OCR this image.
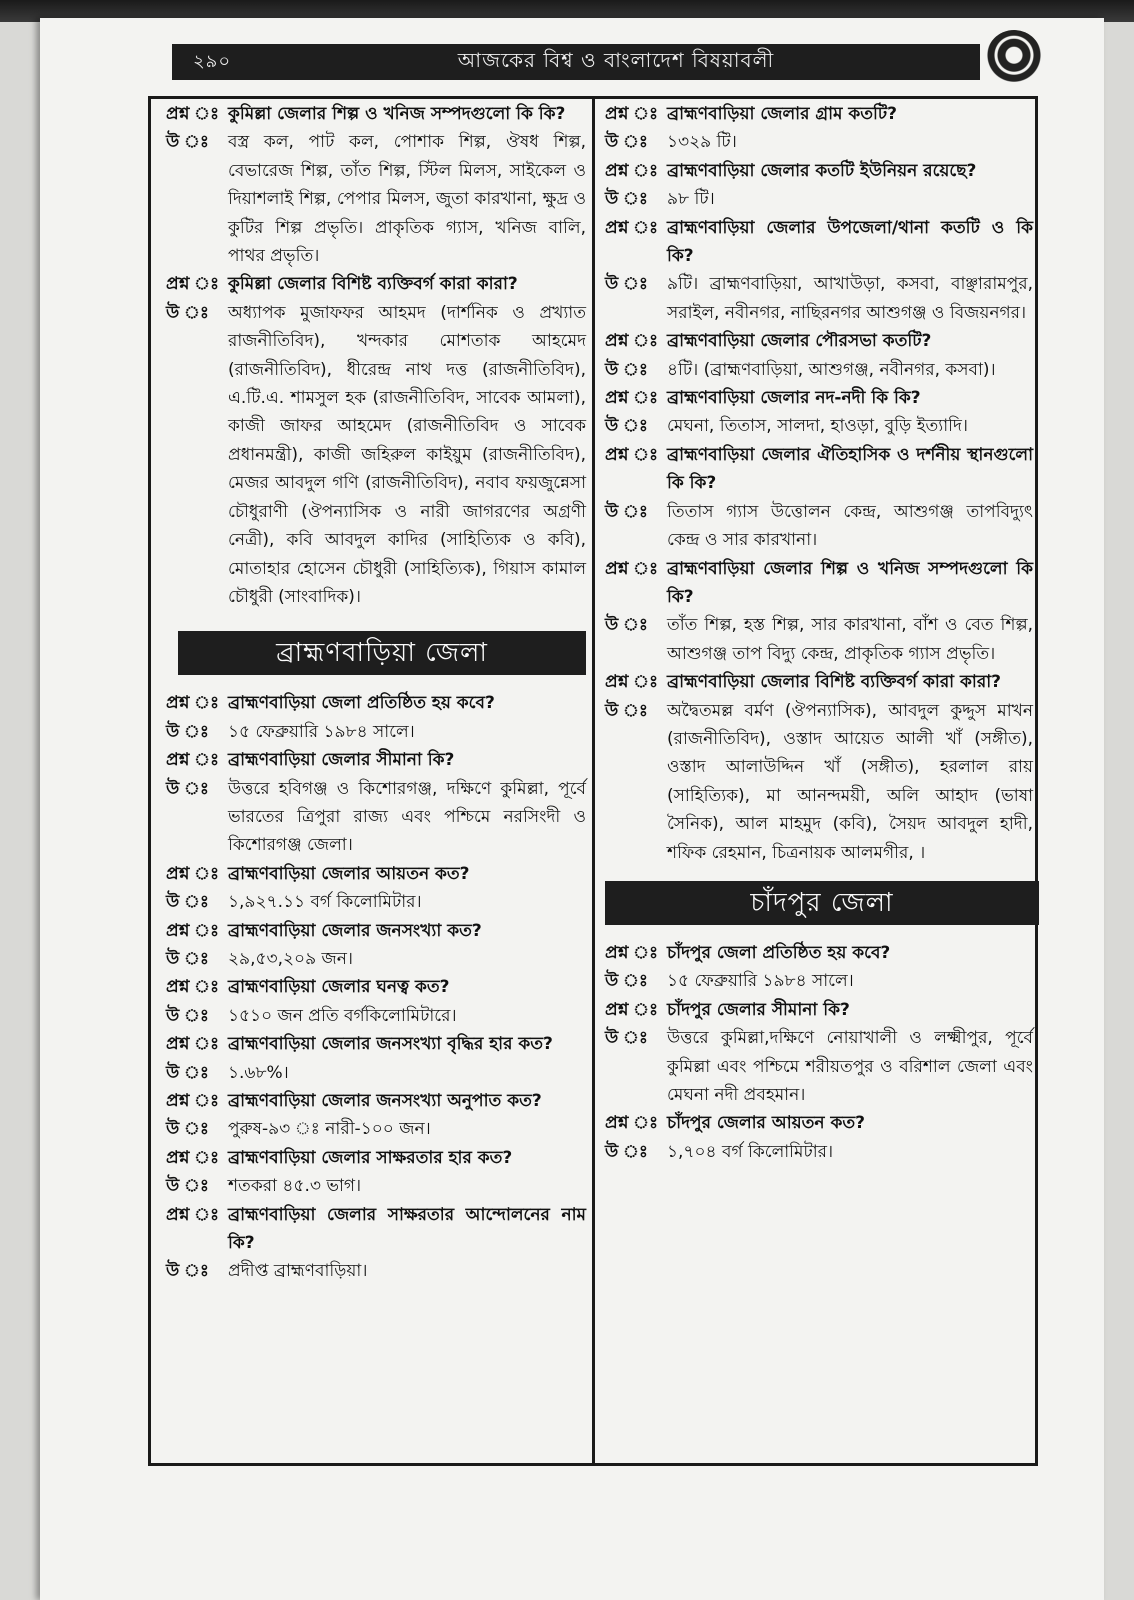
২৯০	আজকের বিশ্ব ও বাংলাদেশ বিষয়াবলী
প্রশ্ন ঃ কুমিল্লা জেলার শিল্প ও খনিজ সম্পদগুলো কি কি?
উ ঃ	বস্ত্র কল, পাট কল, পোশাক শিল্প, ঔষধ শিল্প, বেভারেজ শিল্প, তাঁত শিল্প, স্টিল মিলস, সাইকেল ও দিয়াশলাই শিল্প, পেপার মিলস, জুতা কারখানা, ক্ষুদ্র ও কুটির শিল্প প্রভৃতি। প্রাকৃতিক গ্যাস, খনিজ বালি, পাথর প্রভৃতি।
প্রশ্ন ঃ কুমিল্লা জেলার বিশিষ্ট ব্যক্তিবর্গ কারা কারা?
উ ঃ	অধ্যাপক মুজাফফর আহমদ (দার্শনিক ও প্রখ্যাত রাজনীতিবিদ), খন্দকার মোশতাক আহমেদ (রাজনীতিবিদ), ধীরেন্দ্র নাথ দত্ত (রাজনীতিবিদ), এ.টি.এ. শামসুল হক (রাজনীতিবিদ, সাবেক আমলা), কাজী জাফর আহমেদ (রাজনীতিবিদ ও সাবেক প্রধানমন্ত্রী), কাজী জহিরুল কাইয়ুম (রাজনীতিবিদ), মেজর আবদুল গণি (রাজনীতিবিদ), নবাব ফয়জুন্নেসা চৌধুরাণী (ঔপন্যাসিক ও নারী জাগরণের অগ্রণী নেত্রী), কবি আবদুল কাদির (সাহিত্যিক ও কবি), মোতাহার হোসেন চৌধুরী (সাহিত্যিক), গিয়াস কামাল চৌধুরী (সাংবাদিক)।
ব্রাহ্মণবাড়িয়া জেলা
প্রশ্ন ঃ ব্রাহ্মণবাড়িয়া জেলা প্রতিষ্ঠিত হয় কবে?
উ ঃ	১৫ ফেব্রুয়ারি ১৯৮৪ সালে।
প্রশ্ন ঃ ব্রাহ্মণবাড়িয়া জেলার সীমানা কি?
উ ঃ	উত্তরে হবিগঞ্জ ও কিশোরগঞ্জ, দক্ষিণে কুমিল্লা, পূর্বে ভারতের ত্রিপুরা রাজ্য এবং পশ্চিমে নরসিংদী ও কিশোরগঞ্জ জেলা।
প্রশ্ন ঃ ব্রাহ্মণবাড়িয়া জেলার আয়তন কত?
উ ঃ	১,৯২৭.১১ বর্গ কিলোমিটার।
প্রশ্ন ঃ ব্রাহ্মণবাড়িয়া জেলার জনসংখ্যা কত?
উ ঃ	২৯,৫৩,২০৯ জন।
প্রশ্ন ঃ ব্রাহ্মণবাড়িয়া জেলার ঘনত্ব কত?
উ ঃ	১৫১০ জন প্রতি বর্গকিলোমিটারে।
প্রশ্ন ঃ ব্রাহ্মণবাড়িয়া জেলার জনসংখ্যা বৃদ্ধির হার কত?
উ ঃ	১.৬৮%।
প্রশ্ন ঃ ব্রাহ্মণবাড়িয়া জেলার জনসংখ্যা অনুপাত কত?
উ ঃ	পুরুষ-৯৩ ঃ নারী-১০০ জন।
প্রশ্ন ঃ ব্রাহ্মণবাড়িয়া জেলার সাক্ষরতার হার কত?
উ ঃ	শতকরা ৪৫.৩ ভাগ।
প্রশ্ন ঃ ব্রাহ্মণবাড়িয়া জেলার সাক্ষরতার আন্দোলনের নাম কি?
উ ঃ	প্রদীপ্ত ব্রাহ্মণবাড়িয়া।
প্রশ্ন ঃ ব্রাহ্মণবাড়িয়া জেলার গ্রাম কতটি?
উ ঃ	১৩২৯ টি।
প্রশ্ন ঃ ব্রাহ্মণবাড়িয়া জেলার কতটি ইউনিয়ন রয়েছে?
উ ঃ	৯৮ টি।
প্রশ্ন ঃ ব্রাহ্মণবাড়িয়া জেলার উপজেলা/থানা কতটি ও কি কি?
উ ঃ	৯টি। ব্রাহ্মণবাড়িয়া, আখাউড়া, কসবা, বাঞ্ছারামপুর, সরাইল, নবীনগর, নাছিরনগর আশুগঞ্জ ও বিজয়নগর।
প্রশ্ন ঃ ব্রাহ্মণবাড়িয়া জেলার পৌরসভা কতটি?
উ ঃ	৪টি। (ব্রাহ্মণবাড়িয়া, আশুগঞ্জ, নবীনগর, কসবা)।
প্রশ্ন ঃ ব্রাহ্মণবাড়িয়া জেলার নদ-নদী কি কি?
উ ঃ	মেঘনা, তিতাস, সালদা, হাওড়া, বুড়ি ইত্যাদি।
প্রশ্ন ঃ ব্রাহ্মণবাড়িয়া জেলার ঐতিহাসিক ও দর্শনীয় স্থানগুলো কি কি?
উ ঃ	তিতাস গ্যাস উত্তোলন কেন্দ্র, আশুগঞ্জ তাপবিদ্যুৎ কেন্দ্র ও সার কারখানা।
প্রশ্ন ঃ ব্রাহ্মণবাড়িয়া জেলার শিল্প ও খনিজ সম্পদগুলো কি কি?
উ ঃ	তাঁত শিল্প, হস্ত শিল্প, সার কারখানা, বাঁশ ও বেত শিল্প, আশুগঞ্জ তাপ বিদ্যু কেন্দ্র, প্রাকৃতিক গ্যাস প্রভৃতি।
প্রশ্ন ঃ ব্রাহ্মণবাড়িয়া জেলার বিশিষ্ট ব্যক্তিবর্গ কারা কারা?
উ ঃ	অদ্বৈতমল্ল বর্মণ (ঔপন্যাসিক), আবদুল কুদ্দুস মাখন (রাজনীতিবিদ), ওস্তাদ আয়েত আলী খাঁ (সঙ্গীত), ওস্তাদ আলাউদ্দিন খাঁ (সঙ্গীত), হরলাল রায় (সাহিত্যিক), মা আনন্দময়ী, অলি আহাদ (ভাষা সৈনিক), আল মাহমুদ (কবি), সৈয়দ আবদুল হাদী, শফিক রেহমান, চিত্রনায়ক আলমগীর, ।
চাঁদপুর জেলা
প্রশ্ন ঃ চাঁদপুর জেলা প্রতিষ্ঠিত হয় কবে?
উ ঃ	১৫ ফেব্রুয়ারি ১৯৮৪ সালে।
প্রশ্ন ঃ চাঁদপুর জেলার সীমানা কি?
উ ঃ	উত্তরে কুমিল্লা,দক্ষিণে নোয়াখালী ও লক্ষ্মীপুর, পূর্বে কুমিল্লা এবং পশ্চিমে শরীয়তপুর ও বরিশাল জেলা এবং মেঘনা নদী প্রবহমান।
প্রশ্ন ঃ চাঁদপুর জেলার আয়তন কত?
উ ঃ	১,৭০৪ বর্গ কিলোমিটার।
